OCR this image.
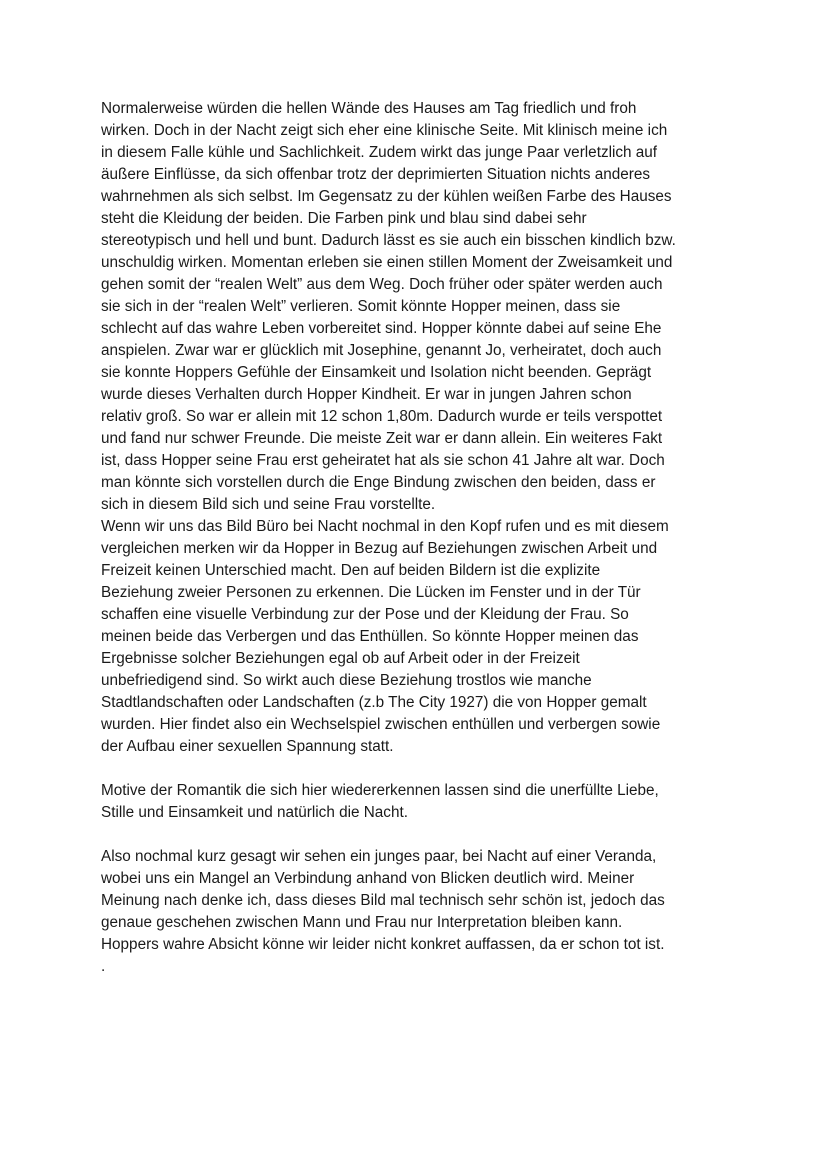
Normalerweise würden die hellen Wände des Hauses am Tag friedlich und froh
wirken. Doch in der Nacht zeigt sich eher eine klinische Seite. Mit klinisch meine ich
in diesem Falle kühle und Sachlichkeit. Zudem wirkt das junge Paar verletzlich auf
äußere Einflüsse, da sich offenbar trotz der deprimierten Situation nichts anderes
wahrnehmen als sich selbst. Im Gegensatz zu der kühlen weißen Farbe des Hauses
steht die Kleidung der beiden. Die Farben pink und blau sind dabei sehr
stereotypisch und hell und bunt. Dadurch lässt es sie auch ein bisschen kindlich bzw.
unschuldig wirken. Momentan erleben sie einen stillen Moment der Zweisamkeit und
gehen somit der “realen Welt” aus dem Weg. Doch früher oder später werden auch
sie sich in der “realen Welt” verlieren. Somit könnte Hopper meinen, dass sie
schlecht auf das wahre Leben vorbereitet sind. Hopper könnte dabei auf seine Ehe
anspielen. Zwar war er glücklich mit Josephine, genannt Jo, verheiratet, doch auch
sie konnte Hoppers Gefühle der Einsamkeit und Isolation nicht beenden. Geprägt
wurde dieses Verhalten durch Hopper Kindheit. Er war in jungen Jahren schon
relativ groß. So war er allein mit 12 schon 1,80m. Dadurch wurde er teils verspottet
und fand nur schwer Freunde. Die meiste Zeit war er dann allein. Ein weiteres Fakt
ist, dass Hopper seine Frau erst geheiratet hat als sie schon 41 Jahre alt war. Doch
man könnte sich vorstellen durch die Enge Bindung zwischen den beiden, dass er
sich in diesem Bild sich und seine Frau vorstellte.
Wenn wir uns das Bild Büro bei Nacht nochmal in den Kopf rufen und es mit diesem
vergleichen merken wir da Hopper in Bezug auf Beziehungen zwischen Arbeit und
Freizeit keinen Unterschied macht. Den auf beiden Bildern ist die explizite
Beziehung zweier Personen zu erkennen. Die Lücken im Fenster und in der Tür
schaffen eine visuelle Verbindung zur der Pose und der Kleidung der Frau. So
meinen beide das Verbergen und das Enthüllen. So könnte Hopper meinen das
Ergebnisse solcher Beziehungen egal ob auf Arbeit oder in der Freizeit
unbefriedigend sind. So wirkt auch diese Beziehung trostlos wie manche
Stadtlandschaften oder Landschaften (z.b The City 1927) die von Hopper gemalt
wurden. Hier findet also ein Wechselspiel zwischen enthüllen und verbergen sowie
der Aufbau einer sexuellen Spannung statt.
Motive der Romantik die sich hier wiedererkennen lassen sind die unerfüllte Liebe,
Stille und Einsamkeit und natürlich die Nacht.
Also nochmal kurz gesagt wir sehen ein junges paar, bei Nacht auf einer Veranda,
wobei uns ein Mangel an Verbindung anhand von Blicken deutlich wird. Meiner
Meinung nach denke ich, dass dieses Bild mal technisch sehr schön ist, jedoch das
genaue geschehen zwischen Mann und Frau nur Interpretation bleiben kann.
Hoppers wahre Absicht könne wir leider nicht konkret auffassen, da er schon tot ist.
.
